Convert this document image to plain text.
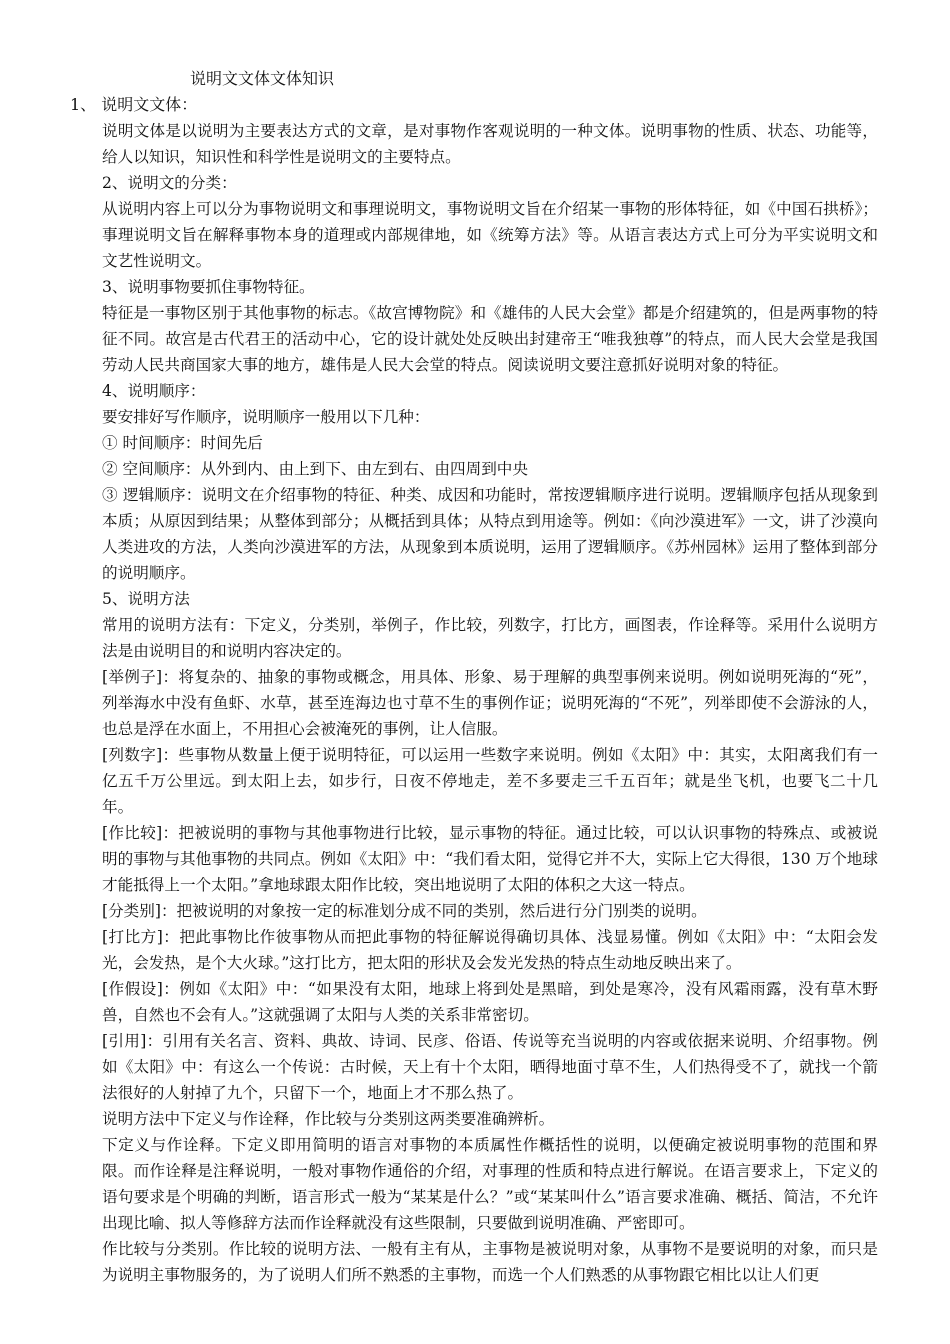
说明文文体文体知识
1、 说明文文体：

说明文体是以说明为主要表达方式的文章，是对事物作客观说明的一种文体。说明事物的性质、状态、功能等，给人以知识，知识性和科学性是说明文的主要特点。

2、说明文的分类：

从说明内容上可以分为事物说明文和事理说明文，事物说明文旨在介绍某一事物的形体特征，如《中国石拱桥》；事理说明文旨在解释事物本身的道理或内部规律地，如《统筹方法》等。从语言表达方式上可分为平实说明文和文艺性说明文。

3、说明事物要抓住事物特征。

特征是一事物区别于其他事物的标志。《故宫博物院》和《雄伟的人民大会堂》都是介绍建筑的，但是两事物的特征不同。故宫是古代君王的活动中心，它的设计就处处反映出封建帝王“唯我独尊”的特点，而人民大会堂是我国劳动人民共商国家大事的地方，雄伟是人民大会堂的特点。阅读说明文要注意抓好说明对象的特征。

4、说明顺序：

要安排好写作顺序，说明顺序一般用以下几种：

① 时间顺序：时间先后

② 空间顺序：从外到内、由上到下、由左到右、由四周到中央

③ 逻辑顺序：说明文在介绍事物的特征、种类、成因和功能时，常按逻辑顺序进行说明。逻辑顺序包括从现象到本质；从原因到结果；从整体到部分；从概括到具体；从特点到用途等。例如：《向沙漠进军》一文，讲了沙漠向人类进攻的方法，人类向沙漠进军的方法，从现象到本质说明，运用了逻辑顺序。《苏州园林》运用了整体到部分的说明顺序。

5、说明方法

常用的说明方法有：下定义，分类别，举例子，作比较，列数字，打比方，画图表，作诠释等。采用什么说明方法是由说明目的和说明内容决定的。

[举例子]：将复杂的、抽象的事物或概念，用具体、形象、易于理解的典型事例来说明。例如说明死海的“死”，列举海水中没有鱼虾、水草，甚至连海边也寸草不生的事例作证；说明死海的“不死”，列举即使不会游泳的人，也总是浮在水面上，不用担心会被淹死的事例，让人信服。

[列数字]：些事物从数量上便于说明特征，可以运用一些数字来说明。例如《太阳》中：其实，太阳离我们有一亿五千万公里远。到太阳上去，如步行，日夜不停地走，差不多要走三千五百年；就是坐飞机，也要飞二十几年。

[作比较]：把被说明的事物与其他事物进行比较，显示事物的特征。通过比较，可以认识事物的特殊点、或被说明的事物与其他事物的共同点。例如《太阳》中：“我们看太阳，觉得它并不大，实际上它大得很，130 万个地球才能抵得上一个太阳。”拿地球跟太阳作比较，突出地说明了太阳的体积之大这一特点。

[分类别]：把被说明的对象按一定的标准划分成不同的类别，然后进行分门别类的说明。

[打比方]：把此事物比作彼事物从而把此事物的特征解说得确切具体、浅显易懂。例如《太阳》中：“太阳会发光，会发热，是个大火球。”这打比方，把太阳的形状及会发光发热的特点生动地反映出来了。

[作假设]：例如《太阳》中：“如果没有太阳，地球上将到处是黑暗，到处是寒冷，没有风霜雨露，没有草木野兽，自然也不会有人。”这就强调了太阳与人类的关系非常密切。

[引用]：引用有关名言、资料、典故、诗词、民彦、俗语、传说等充当说明的内容或依据来说明、介绍事物。例如《太阳》中：有这么一个传说：古时候，天上有十个太阳，晒得地面寸草不生，人们热得受不了，就找一个箭法很好的人射掉了九个，只留下一个，地面上才不那么热了。

说明方法中下定义与作诠释，作比较与分类别这两类要准确辨析。

下定义与作诠释。下定义即用简明的语言对事物的本质属性作概括性的说明，以便确定被说明事物的范围和界限。而作诠释是注释说明，一般对事物作通俗的介绍，对事理的性质和特点进行解说。在语言要求上，下定义的语句要求是个明确的判断，语言形式一般为“某某是什么？”或“某某叫什么”语言要求准确、概括、简洁，不允许出现比喻、拟人等修辞方法而作诠释就没有这些限制，只要做到说明准确、严密即可。

作比较与分类别。作比较的说明方法、一般有主有从，主事物是被说明对象，从事物不是要说明的对象，而只是为说明主事物服务的，为了说明人们所不熟悉的主事物，而选一个人们熟悉的从事物跟它相比以让人们更
